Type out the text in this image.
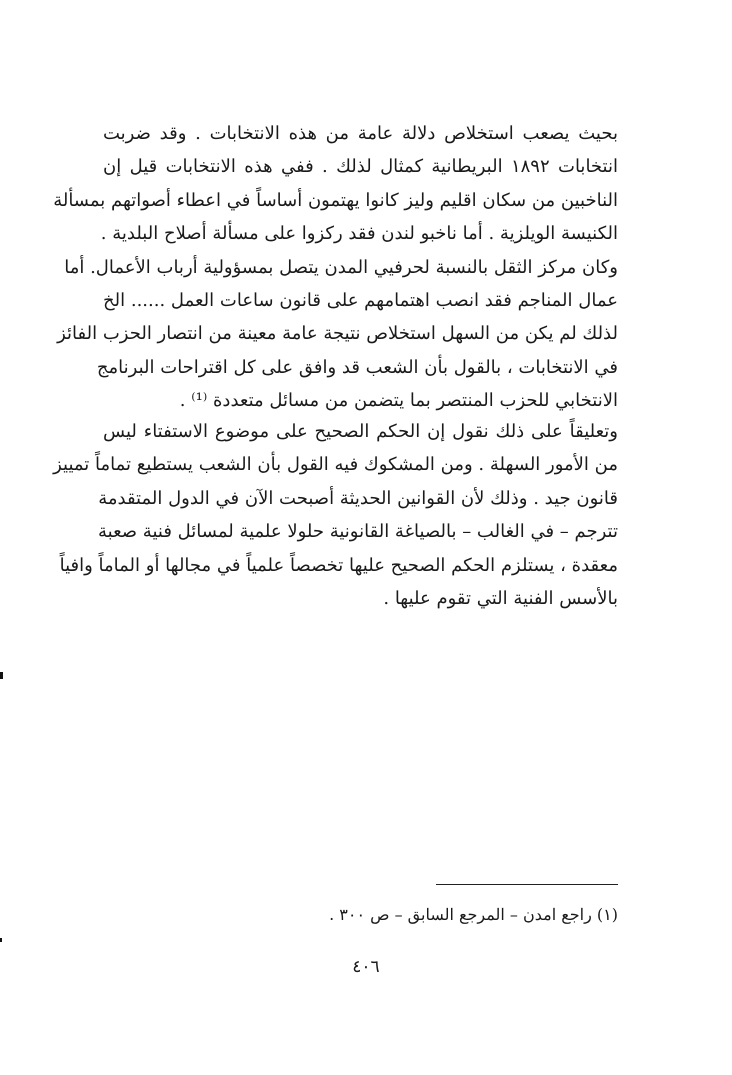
بحيث يصعب استخلاص دلالة عامة من هذه الانتخابات . وقد ضربت
انتخابات ١٨٩٢ البريطانية كمثال لذلك . ففي هذه الانتخابات قيل إن
الناخبين من سكان اقليم وليز كانوا يهتمون أساساً في اعطاء أصواتهم بمسألة
الكنيسة الويلزية . أما ناخبو لندن فقد ركزوا على مسألة أصلاح البلدية .
وكان مركز الثقل بالنسبة لحرفيي المدن يتصل بمسؤولية أرباب الأعمال. أما
عمال المناجم فقد انصب اهتمامهم على قانون ساعات العمل ...... الخ
لذلك لم يكن من السهل استخلاص نتيجة عامة معينة من انتصار الحزب الفائز
في الانتخابات ، بالقول بأن الشعب قد وافق على كل اقتراحات البرنامج
الانتخابي للحزب المنتصر بما يتضمن من مسائل متعددة ⁽¹⁾ .
وتعليقاً على ذلك نقول إن الحكم الصحيح على موضوع الاستفتاء ليس
من الأمور السهلة . ومن المشكوك فيه القول بأن الشعب يستطيع تماماً تمييز
قانون جيد . وذلك لأن القوانين الحديثة أصبحت الآن في الدول المتقدمة
تترجم – في الغالب – بالصياغة القانونية حلولا علمية لمسائل فنية صعبة
معقدة ، يستلزم الحكم الصحيح عليها تخصصاً علمياً في مجالها أو الماماً وافياً
بالأسس الفنية التي تقوم عليها .
(١) راجع امدن – المرجع السابق – ص ٣٠٠ .
٤٠٦
